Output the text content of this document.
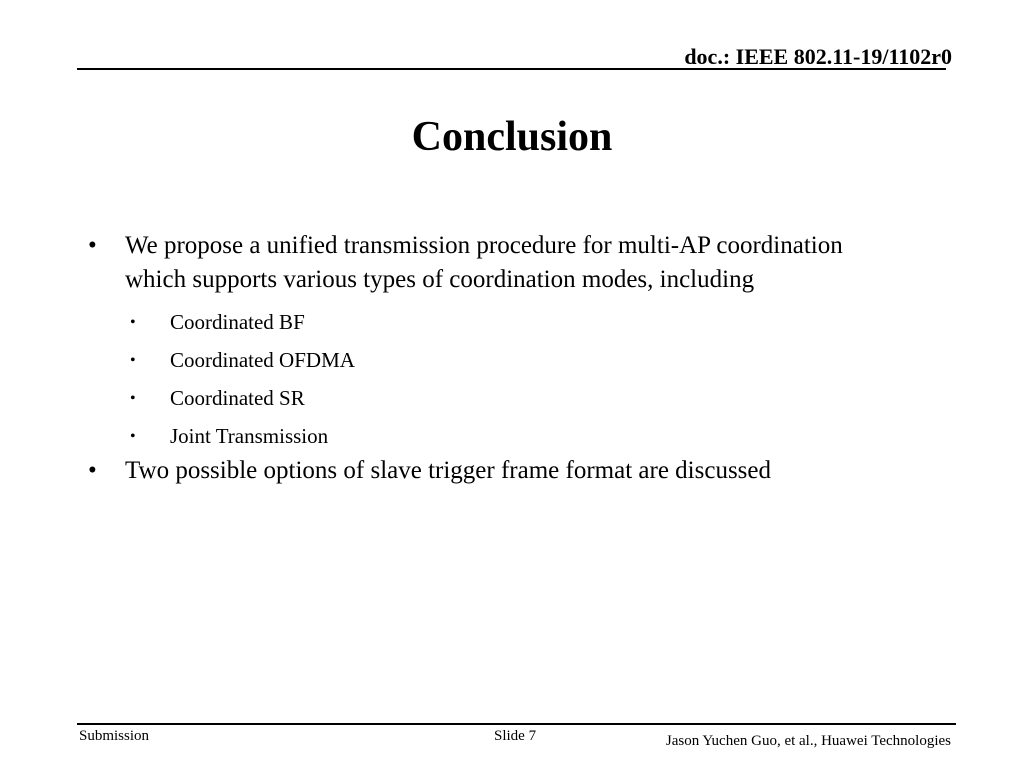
doc.: IEEE 802.11-19/1102r0
Conclusion
• We propose a unified transmission procedure for multi-AP coordination which supports various types of coordination modes, including
• Coordinated BF
• Coordinated OFDMA
• Coordinated SR
• Joint Transmission
• Two possible options of slave trigger frame format are discussed
Submission	Slide 7	Jason Yuchen Guo, et al., Huawei Technologies
